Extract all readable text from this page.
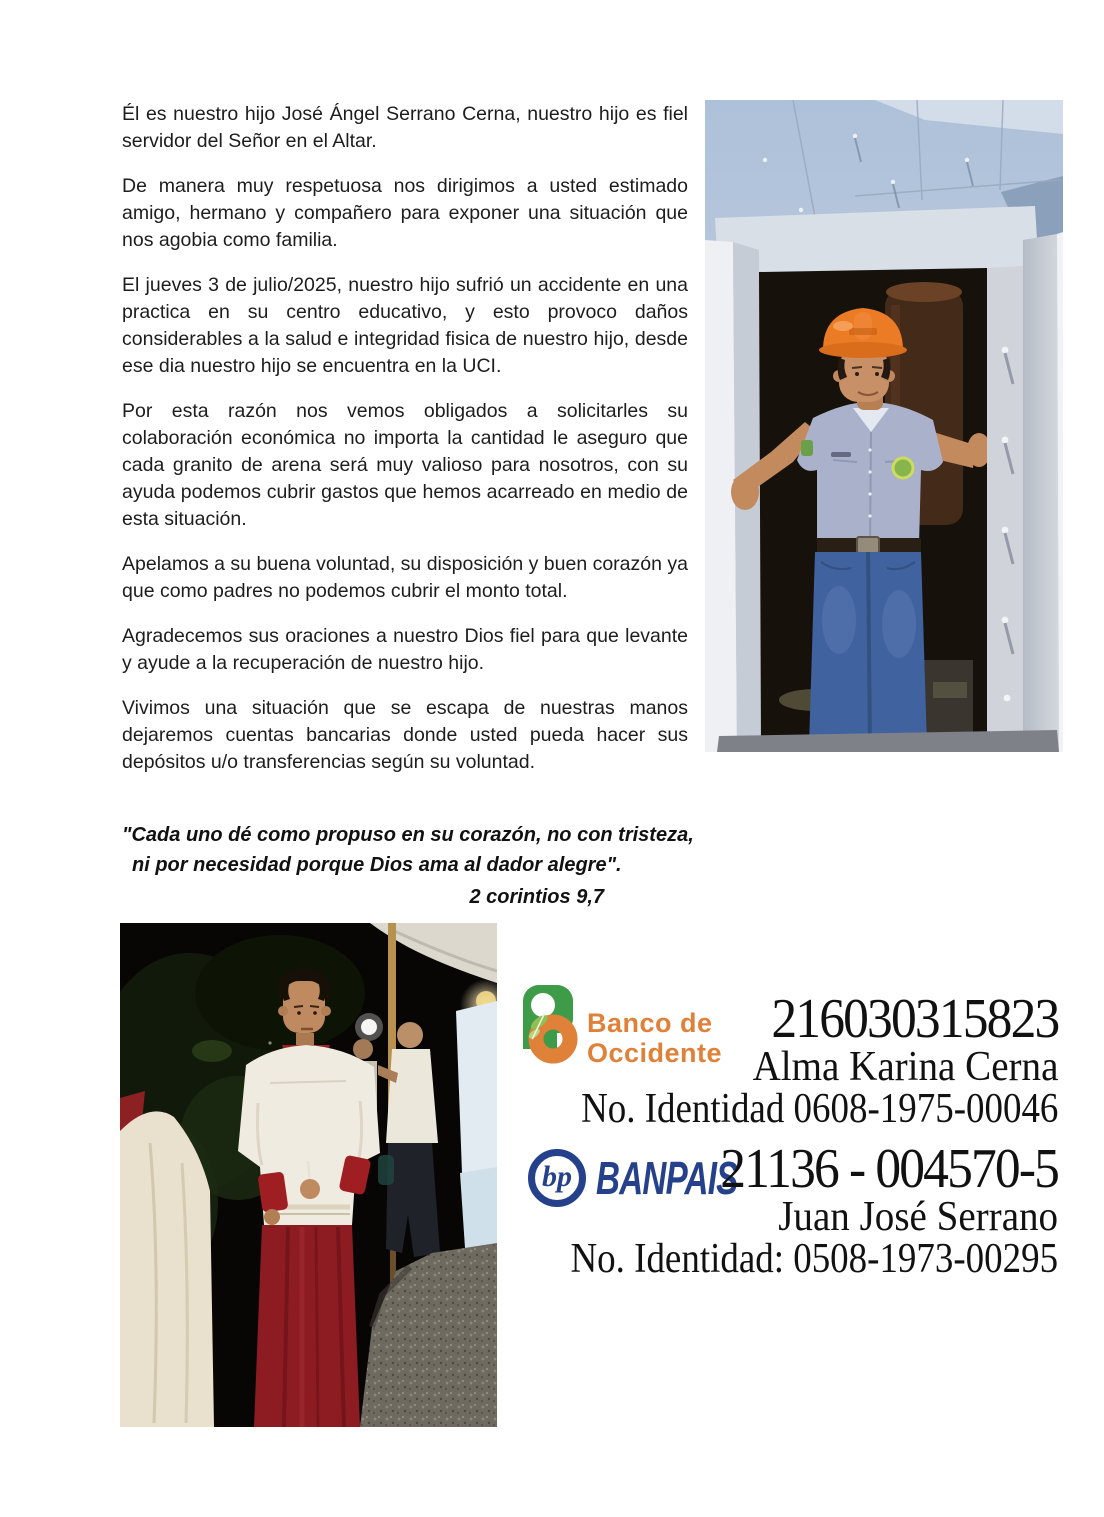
Él es nuestro hijo José Ángel Serrano Cerna, nuestro hijo es fiel servidor del Señor en el Altar.

De manera muy respetuosa nos dirigimos a usted estimado amigo, hermano y compañero para exponer una situación que nos agobia como familia.

El jueves 3 de julio/2025, nuestro hijo sufrió un accidente en una practica en su centro educativo, y esto provoco daños considerables a la salud e integridad fisica de nuestro hijo, desde ese dia nuestro hijo se encuentra en la UCI.

Por esta razón nos vemos obligados a solicitarles su colaboración económica no importa la cantidad le aseguro que cada granito de arena será muy valioso para nosotros, con su ayuda podemos cubrir gastos que hemos acarreado en medio de esta situación.

Apelamos a su buena voluntad, su disposición y buen corazón ya que como padres no podemos cubrir el monto total.

Agradecemos sus oraciones a nuestro Dios fiel para que levante y ayude a la recuperación de nuestro hijo.

Vivimos una situación que se escapa de nuestras manos dejaremos cuentas bancarias donde usted pueda hacer sus depósitos u/o transferencias según su voluntad.

"Cada uno dé como propuso en su corazón, no con tristeza,
ni por necesidad porque Dios ama al dador alegre".
2 corintios 9,7
Banco de
Occidente
216030315823
Alma Karina Cerna
No. Identidad 0608-1975-00046
bp BANPAIS
21136 - 004570-5
Juan José Serrano
No. Identidad: 0508-1973-00295
